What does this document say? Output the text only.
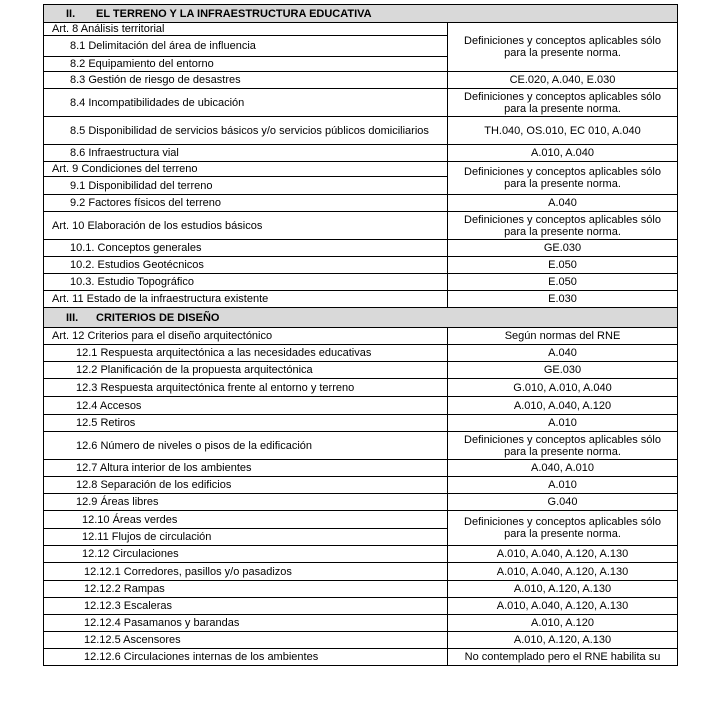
II. EL TERRENO Y LA INFRAESTRUCTURA EDUCATIVA	
Art. 8 Análisis territorial	Definiciones y conceptos aplicables sólo para la presente norma.
8.1 Delimitación del área de influencia	
8.2 Equipamiento del entorno	
8.3 Gestión de riesgo de desastres	CE.020, A.040, E.030
8.4 Incompatibilidades de ubicación	Definiciones y conceptos aplicables sólo para la presente norma.
8.5 Disponibilidad de servicios básicos y/o servicios públicos domiciliarios	TH.040, OS.010, EC 010, A.040
8.6 Infraestructura vial	A.010, A.040
Art. 9 Condiciones del terreno	Definiciones y conceptos aplicables sólo para la presente norma.
9.1 Disponibilidad del terreno	
9.2 Factores físicos del terreno	A.040
Art. 10 Elaboración de los estudios básicos	Definiciones y conceptos aplicables sólo para la presente norma.
10.1. Conceptos generales	GE.030
10.2. Estudios Geotécnicos	E.050
10.3. Estudio Topográfico	E.050
Art. 11 Estado de la infraestructura existente	E.030
III. CRITERIOS DE DISEÑO	
Art. 12 Criterios para el diseño arquitectónico	Según normas del RNE
12.1 Respuesta arquitectónica a las necesidades educativas	A.040
12.2 Planificación de la propuesta arquitectónica	GE.030
12.3 Respuesta arquitectónica frente al entorno y terreno	G.010, A.010, A.040
12.4 Accesos	A.010, A.040, A.120
12.5 Retiros	A.010
12.6 Número de niveles o pisos de la edificación	Definiciones y conceptos aplicables sólo para la presente norma.
12.7 Altura interior de los ambientes	A.040, A.010
12.8 Separación de los edificios	A.010
12.9 Áreas libres	G.040
12.10 Áreas verdes	Definiciones y conceptos aplicables sólo para la presente norma.
12.11 Flujos de circulación	
12.12 Circulaciones	A.010, A.040, A.120, A.130
12.12.1 Corredores, pasillos y/o pasadizos	A.010, A.040, A.120, A.130
12.12.2 Rampas	A.010, A.120, A.130
12.12.3 Escaleras	A.010, A.040, A.120, A.130
12.12.4 Pasamanos y barandas	A.010, A.120
12.12.5 Ascensores	A.010, A.120, A.130
12.12.6 Circulaciones internas de los ambientes	No contemplado pero el RNE habilita su
